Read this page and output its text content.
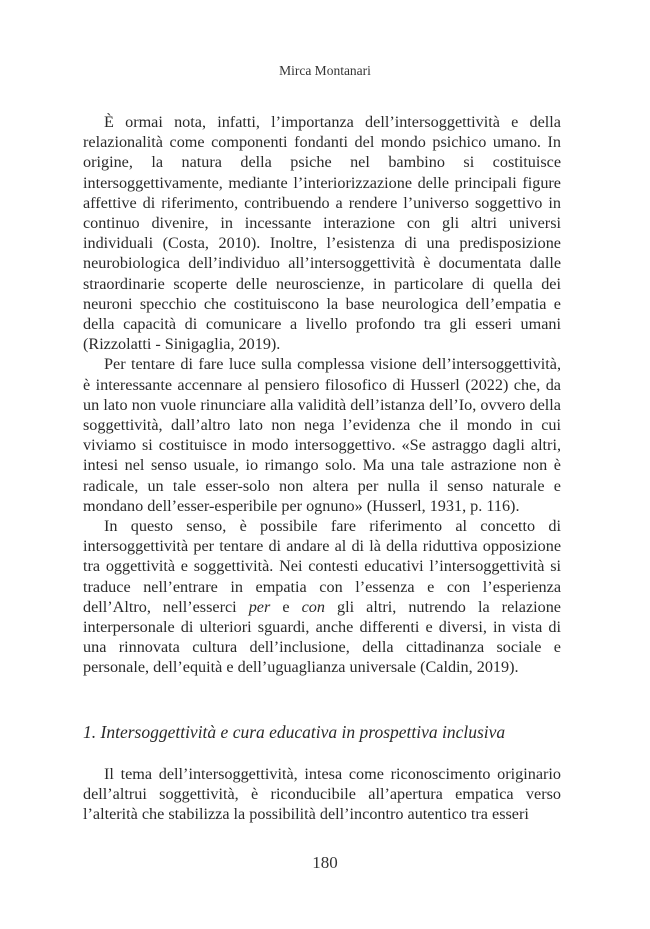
Mirca Montanari

È ormai nota, infatti, l’importanza dell’intersoggettività e della relazionalità come componenti fondanti del mondo psichico umano. In origine, la natura della psiche nel bambino si costituisce intersoggettivamente, mediante l’interiorizzazione delle principali figure affettive di riferimento, contribuendo a rendere l’universo soggettivo in continuo divenire, in incessante interazione con gli altri universi individuali (Costa, 2010). Inoltre, l’esistenza di una predisposizione neurobiologica dell’individuo all’intersoggettività è documentata dalle straordinarie scoperte delle neuroscienze, in particolare di quella dei neuroni specchio che costituiscono la base neurologica dell’empatia e della capacità di comunicare a livello profondo tra gli esseri umani (Rizzolatti - Sinigaglia, 2019).

Per tentare di fare luce sulla complessa visione dell’intersoggettività, è interessante accennare al pensiero filosofico di Husserl (2022) che, da un lato non vuole rinunciare alla validità dell’istanza dell’Io, ovvero della soggettività, dall’altro lato non nega l’evidenza che il mondo in cui viviamo si costituisce in modo intersoggettivo. «Se astraggo dagli altri, intesi nel senso usuale, io rimango solo. Ma una tale astrazione non è radicale, un tale esser-solo non altera per nulla il senso naturale e mondano dell’esser-esperibile per ognuno» (Husserl, 1931, p. 116).

In questo senso, è possibile fare riferimento al concetto di intersoggettività per tentare di andare al di là della riduttiva opposizione tra oggettività e soggettività. Nei contesti educativi l’intersoggettività si traduce nell’entrare in empatia con l’essenza e con l’esperienza dell’Altro, nell’esserci per e con gli altri, nutrendo la relazione interpersonale di ulteriori sguardi, anche differenti e diversi, in vista di una rinnovata cultura dell’inclusione, della cittadinanza sociale e personale, dell’equità e dell’uguaglianza universale (Caldin, 2019).

1. Intersoggettività e cura educativa in prospettiva inclusiva

Il tema dell’intersoggettività, intesa come riconoscimento originario dell’altrui soggettività, è riconducibile all’apertura empatica verso l’alterità che stabilizza la possibilità dell’incontro autentico tra esseri

180
